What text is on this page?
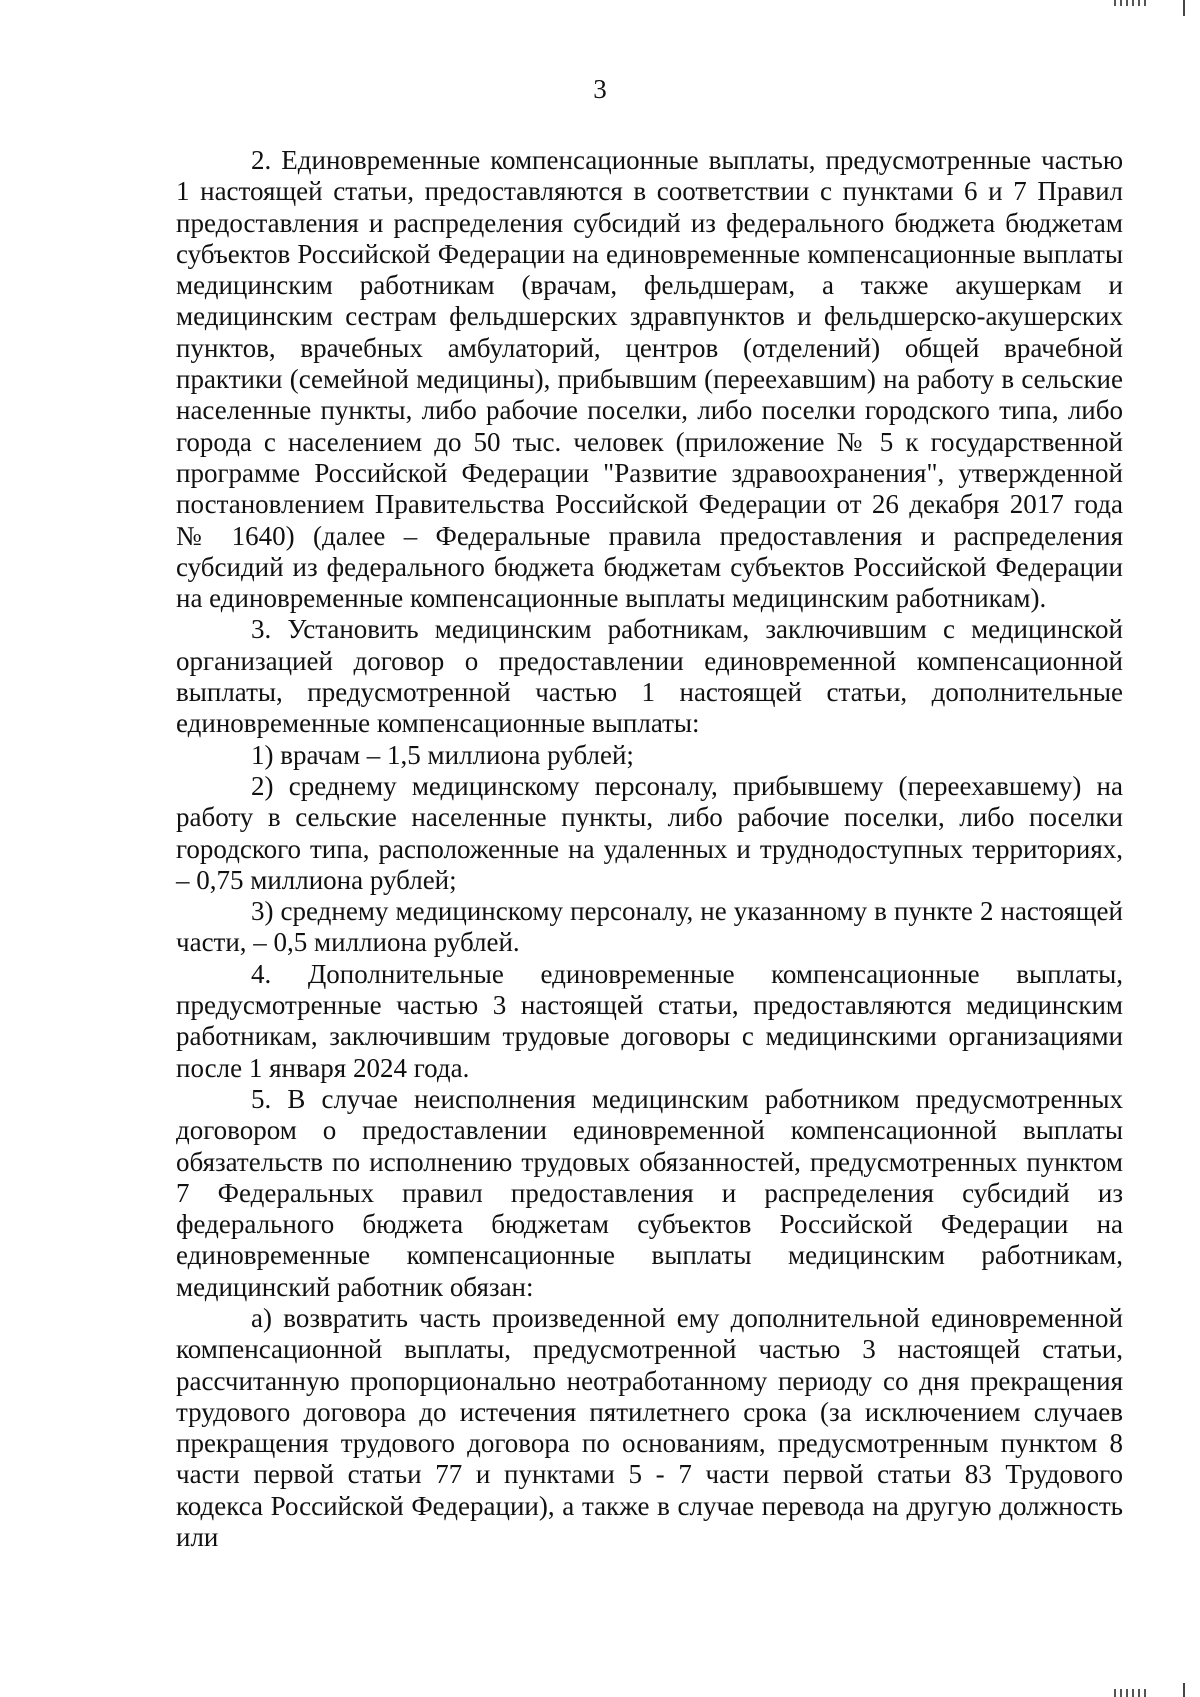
3

2. Единовременные компенсационные выплаты, предусмотренные частью 1 настоящей статьи, предоставляются в соответствии с пунктами 6 и 7 Правил предоставления и распределения субсидий из федерального бюджета бюджетам субъектов Российской Федерации на единовременные компенсационные выплаты медицинским работникам (врачам, фельдшерам, а также акушеркам и медицинским сестрам фельдшерских здравпунктов и фельдшерско-акушерских пунктов, врачебных амбулаторий, центров (отделений) общей врачебной практики (семейной медицины), прибывшим (переехавшим) на работу в сельские населенные пункты, либо рабочие поселки, либо поселки городского типа, либо города с населением до 50 тыс. человек (приложение № 5 к государственной программе Российской Федерации "Развитие здравоохранения", утвержденной постановлением Правительства Российской Федерации от 26 декабря 2017 года № 1640) (далее – Федеральные правила предоставления и распределения субсидий из федерального бюджета бюджетам субъектов Российской Федерации на единовременные компенсационные выплаты медицинским работникам).

3. Установить медицинским работникам, заключившим с медицинской организацией договор о предоставлении единовременной компенсационной выплаты, предусмотренной частью 1 настоящей статьи, дополнительные единовременные компенсационные выплаты:

1) врачам – 1,5 миллиона рублей;

2) среднему медицинскому персоналу, прибывшему (переехавшему) на работу в сельские населенные пункты, либо рабочие поселки, либо поселки городского типа, расположенные на удаленных и труднодоступных территориях, – 0,75 миллиона рублей;

3) среднему медицинскому персоналу, не указанному в пункте 2 настоящей части, – 0,5 миллиона рублей.

4. Дополнительные единовременные компенсационные выплаты, предусмотренные частью 3 настоящей статьи, предоставляются медицинским работникам, заключившим трудовые договоры с медицинскими организациями после 1 января 2024 года.

5. В случае неисполнения медицинским работником предусмотренных договором о предоставлении единовременной компенсационной выплаты обязательств по исполнению трудовых обязанностей, предусмотренных пунктом 7 Федеральных правил предоставления и распределения субсидий из федерального бюджета бюджетам субъектов Российской Федерации на единовременные компенсационные выплаты медицинским работникам, медицинский работник обязан:

а) возвратить часть произведенной ему дополнительной единовременной компенсационной выплаты, предусмотренной частью 3 настоящей статьи, рассчитанную пропорционально неотработанному периоду со дня прекращения трудового договора до истечения пятилетнего срока (за исключением случаев прекращения трудового договора по основаниям, предусмотренным пунктом 8 части первой статьи 77 и пунктами 5 - 7 части первой статьи 83 Трудового кодекса Российской Федерации), а также в случае перевода на другую должность или
